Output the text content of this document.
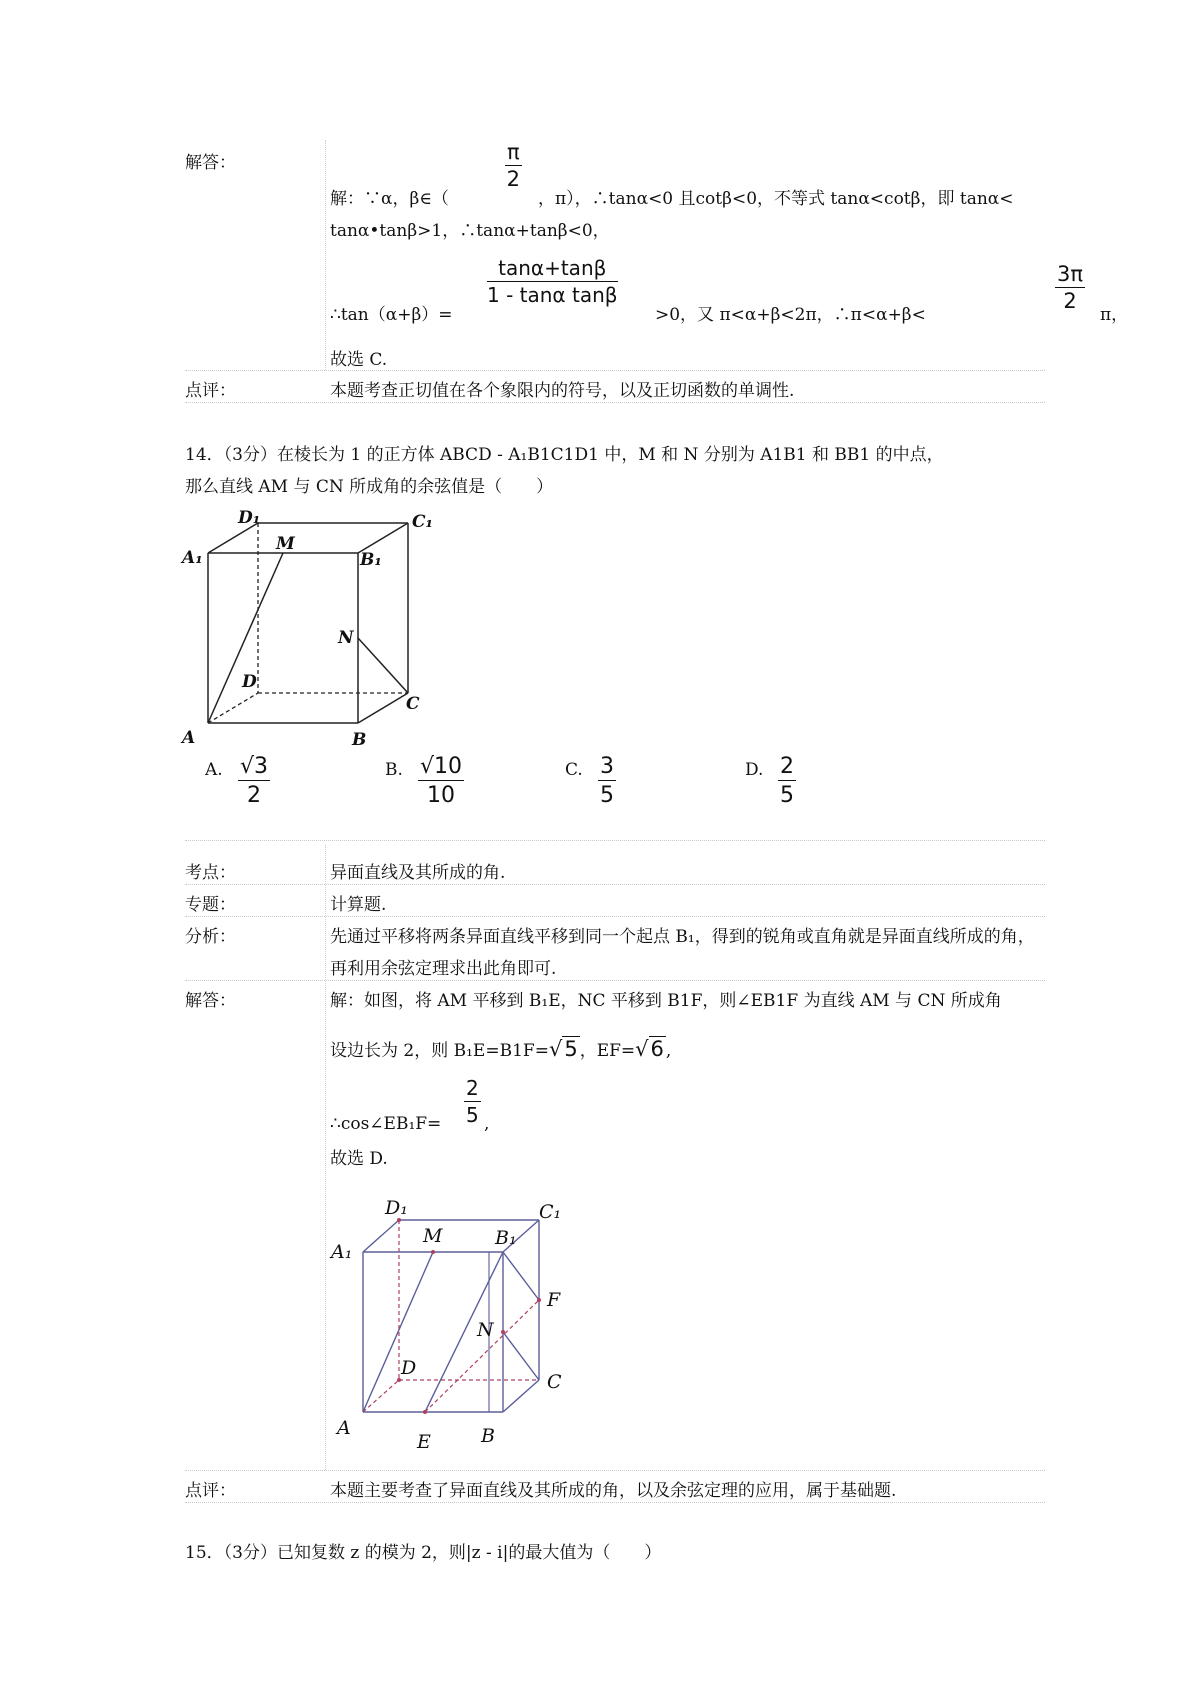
解答：	$\frac{\pi}{2}$
解：∵α，β∈（	，π），∴tanα<0 且cotβ<0，不等式 tanα<cotβ，即 tanα<
tanα•tanβ>1，∴tanα+tanβ<0，
∴tan（α+β）=
$\frac{\tan\alpha+\tan\beta}{\text{1 - tanα tanβ}}$
>0，又 π<α+β<2π，∴π<α+β<
$\frac{3\pi}{2}$
π，
故选 C.
点评：	本题考查正切值在各个象限内的符号，以及正切函数的单调性.
14．（3分）在棱长为 1 的正方体 ABCD - A₁B1C1D1 中，M 和 N 分别为 A1B1 和 BB1 的中点，
那么直线 AM 与 CN 所成角的余弦值是（　　）
D₁	C₁
A₁
M
B₁
N
D
C
A	B
A. $\frac{√3}{2}$	B. $\frac{√10}{10}$	C. $\frac{3}{5}$	D. $\frac{2}{5}$
考点：	异面直线及其所成的角.
专题：	计算题.
分析：	先通过平移将两条异面直线平移到同一个起点 B₁，得到的锐角或直角就是异面直线所成的角，
再利用余弦定理求出此角即可.
解答：	解：如图，将 AM 平移到 B₁E，NC 平移到 B1F，则∠EB1F 为直线 AM 与 CN 所成角
设边长为 2，则 B₁E=B1F=√5 ，EF=√6 ,
∴cos∠EB₁F= $\frac{2}{5}$ ,
故选 D.
D₁	C₁
A₁
M	B₁
F
N
D
C
A
E	B
点评：	本题主要考查了异面直线及其所成的角，以及余弦定理的应用，属于基础题.
15．（3分）已知复数 z 的模为 2，则|z - i|的最大值为（　　）
